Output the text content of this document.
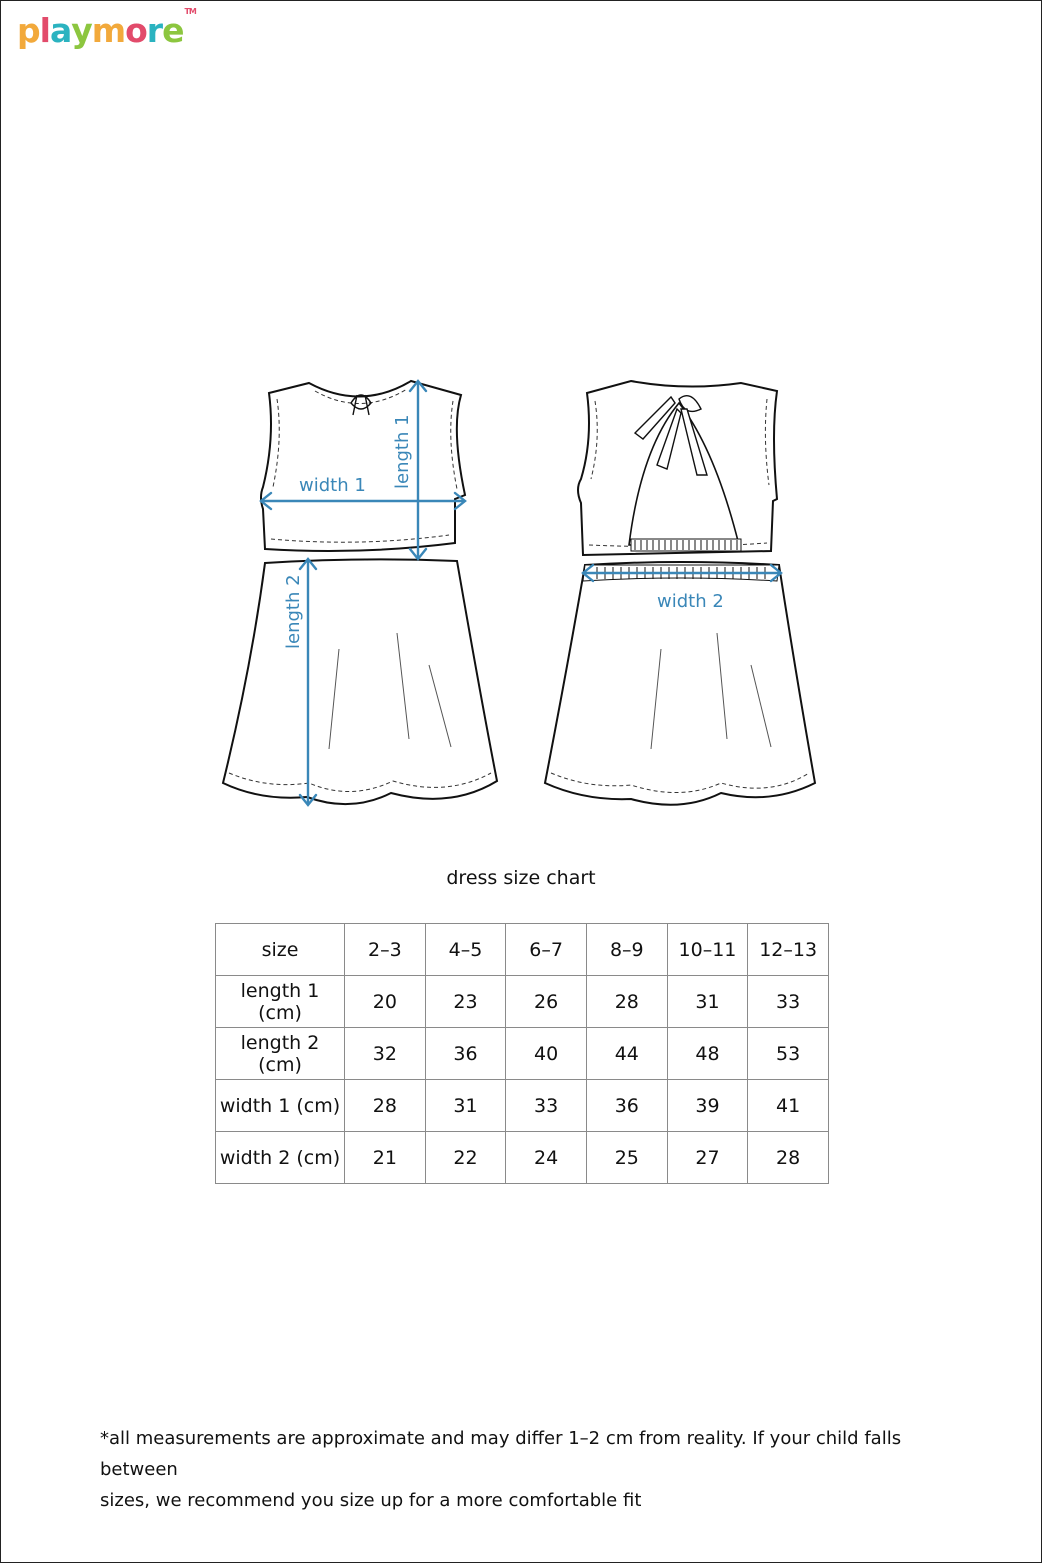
playmore™
width 1 length 1
length 2	width 2
dress size chart
size	2–3	4–5	6–7	8–9	10–11	12–13
length 1 (cm)	20	23	26	28	31	33
length 2 (cm)	32	36	40	44	48	53
width 1 (cm)	28	31	33	36	39	41
width 2 (cm)	21	22	24	25	27	28
*all measurements are approximate and may differ 1–2 cm from reality. If your child falls between
sizes, we recommend you size up for a more comfortable fit
